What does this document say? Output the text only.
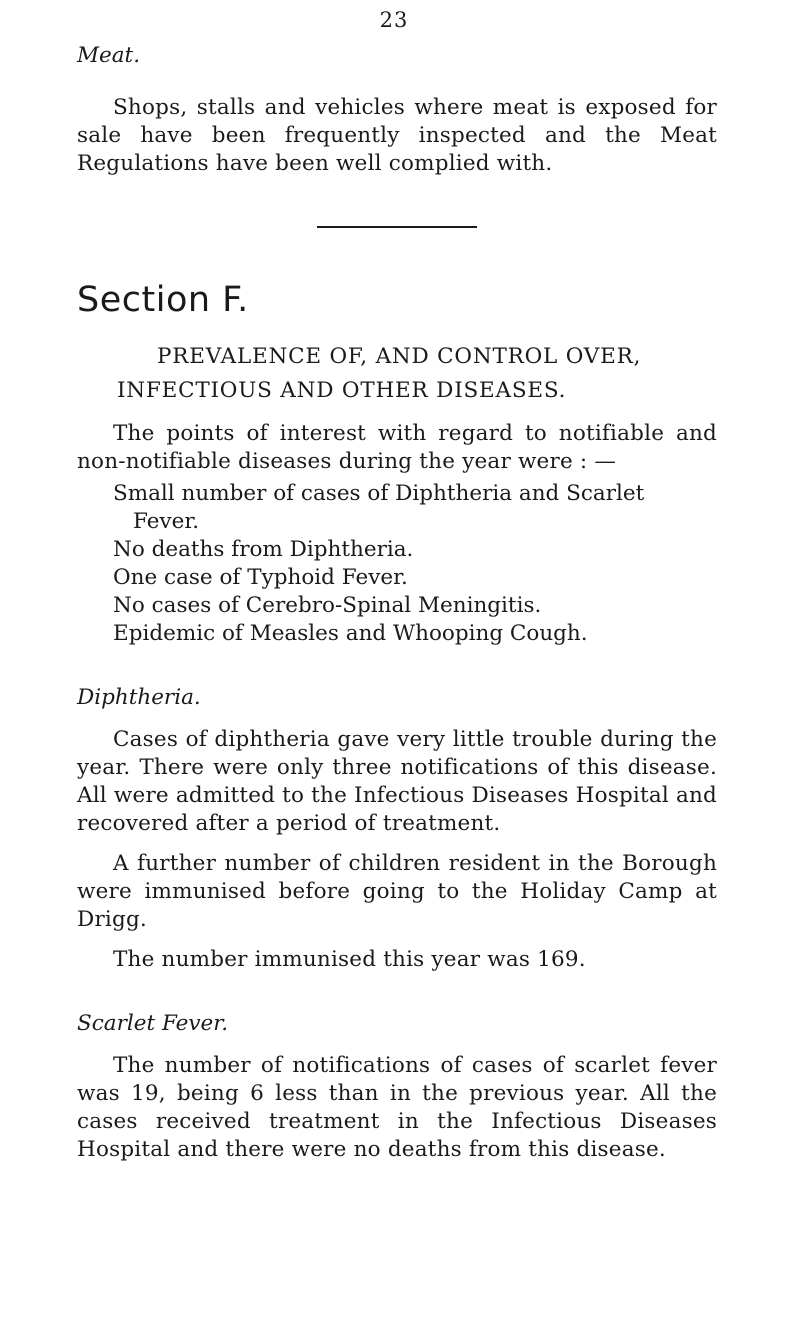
23

Meat.

Shops, stalls and vehicles where meat is exposed for sale have been frequently inspected and the Meat Regulations have been well complied with.

Section F.

PREVALENCE OF, AND CONTROL OVER,

INFECTIOUS AND OTHER DISEASES.

The points of interest with regard to notifiable and non-notifiable diseases during the year were : —

Small number of cases of Diphtheria and Scarlet Fever.
No deaths from Diphtheria.
One case of Typhoid Fever.
No cases of Cerebro-Spinal Meningitis.
Epidemic of Measles and Whooping Cough.

Diphtheria.

Cases of diphtheria gave very little trouble during the year. There were only three notifications of this disease. All were admitted to the Infectious Diseases Hospital and recovered after a period of treatment.

A further number of children resident in the Borough were immunised before going to the Holiday Camp at Drigg.

The number immunised this year was 169.

Scarlet Fever.

The number of notifications of cases of scarlet fever was 19, being 6 less than in the previous year. All the cases received treatment in the Infectious Diseases Hospital and there were no deaths from this disease.
